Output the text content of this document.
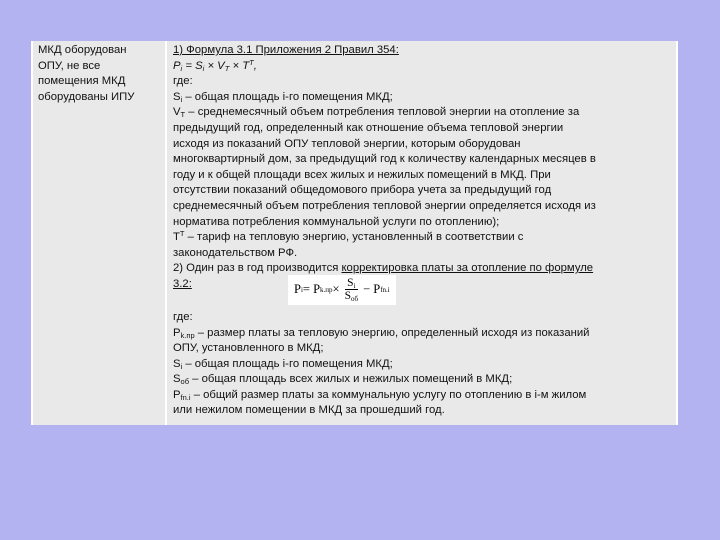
МКД оборудован
ОПУ, не все
помещения МКД
оборудованы ИПУ
1) Формула 3.1 Приложения 2 Правил 354:
$P_i = S_i \times V_T \times T^T$,
где:
$S_i$ – общая площадь i-го помещения МКД;
$V_T$ – среднемесячный объем потребления тепловой энергии на отопление за
предыдущий год, определенный как отношение объема тепловой энергии
исходя из показаний ОПУ тепловой энергии, которым оборудован
многоквартирный дом, за предыдущий год к количеству календарных месяцев в
году и к общей площади всех жилых и нежилых помещений в МКД. При
отсутствии показаний общедомового прибора учета за предыдущий год
среднемесячный объем потребления тепловой энергии определяется исходя из
норматива потребления коммунальной услуги по отоплению);
$T^T$ – тариф на тепловую энергию, установленный в соответствии с
законодательством РФ.
2) Один раз в год производится корректировка платы за отопление по формуле
3.2:	P i = P $k.пр \times \frac{S_i}{S_{об}} - P$ fn.i
где:
$P_{k.пр}$ – размер платы за тепловую энергию, определенный исходя из показаний
ОПУ, установленного в МКД;
$S_i$ – общая площадь i-го помещения МКД;
$S_{об}$ – общая площадь всех жилых и нежилых помещений в МКД;
$P_{fn.i}$ – общий размер платы за коммунальную услугу по отоплению в i-м жилом
или нежилом помещении в МКД за прошедший год.
